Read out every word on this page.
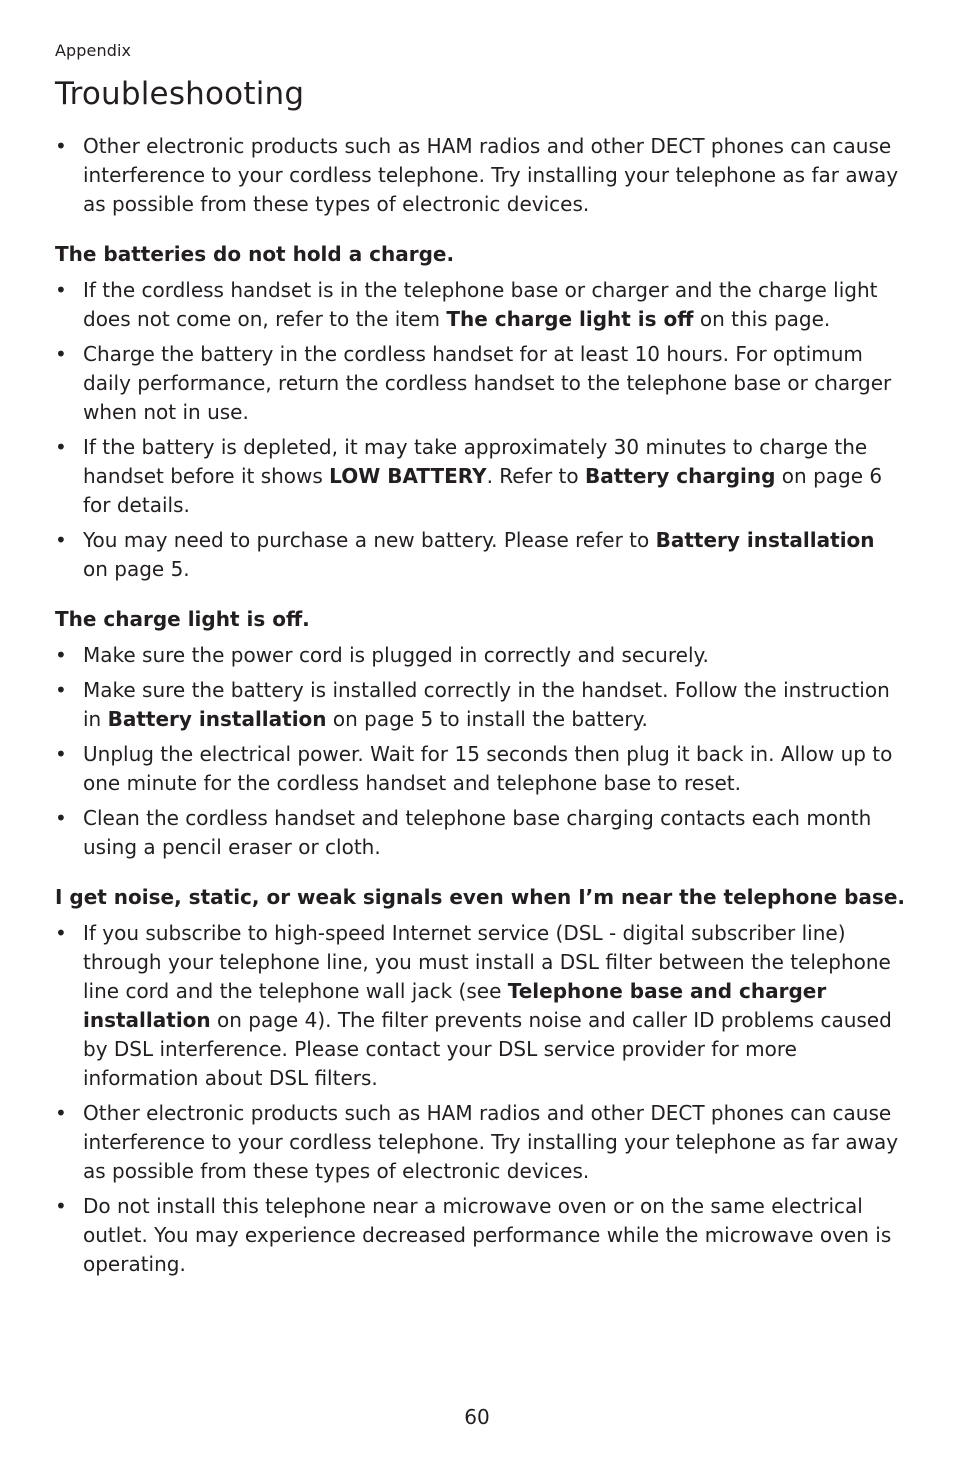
Appendix
Troubleshooting
• Other electronic products such as HAM radios and other DECT phones can cause interference to your cordless telephone. Try installing your telephone as far away as possible from these types of electronic devices.
The batteries do not hold a charge.
• If the cordless handset is in the telephone base or charger and the charge light does not come on, refer to the item The charge light is off on this page.
• Charge the battery in the cordless handset for at least 10 hours. For optimum daily performance, return the cordless handset to the telephone base or charger when not in use.
• If the battery is depleted, it may take approximately 30 minutes to charge the handset before it shows LOW BATTERY. Refer to Battery charging on page 6 for details.
• You may need to purchase a new battery. Please refer to Battery installation on page 5.
The charge light is off.
• Make sure the power cord is plugged in correctly and securely.
• Make sure the battery is installed correctly in the handset. Follow the instruction in Battery installation on page 5 to install the battery.
• Unplug the electrical power. Wait for 15 seconds then plug it back in. Allow up to one minute for the cordless handset and telephone base to reset.
• Clean the cordless handset and telephone base charging contacts each month using a pencil eraser or cloth.
I get noise, static, or weak signals even when I’m near the telephone base.
• If you subscribe to high-speed Internet service (DSL - digital subscriber line) through your telephone line, you must install a DSL filter between the telephone line cord and the telephone wall jack (see Telephone base and charger installation on page 4). The filter prevents noise and caller ID problems caused by DSL interference. Please contact your DSL service provider for more information about DSL filters.
• Other electronic products such as HAM radios and other DECT phones can cause interference to your cordless telephone. Try installing your telephone as far away as possible from these types of electronic devices.
• Do not install this telephone near a microwave oven or on the same electrical outlet. You may experience decreased performance while the microwave oven is operating.
60
